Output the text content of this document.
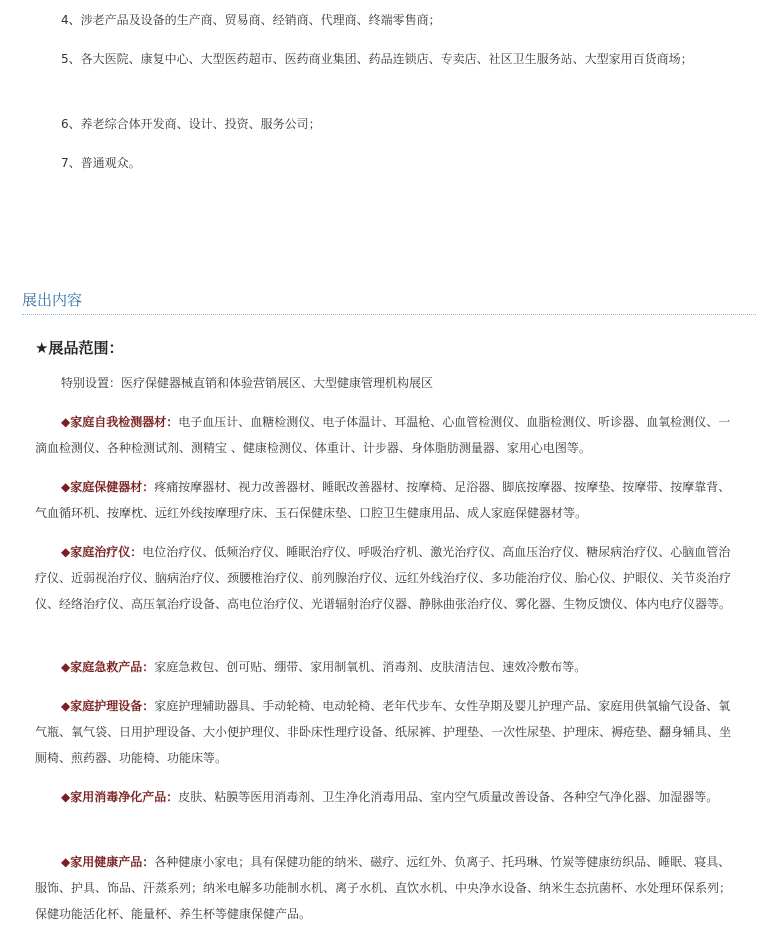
4、涉老产品及设备的生产商、贸易商、经销商、代理商、终端零售商；

5、各大医院、康复中心、大型医药超市、医药商业集团、药品连锁店、专卖店、社区卫生服务站、大型家用百货商场；

6、养老综合体开发商、设计、投资、服务公司；

7、普通观众。

展出内容
★展品范围：

特别设置：医疗保健器械直销和体验营销展区、大型健康管理机构展区

◆家庭自我检测器材：电子血压计、血糖检测仪、电子体温计、耳温枪、心血管检测仪、血脂检测仪、听诊器、血氧检测仪、一滴血检测仪、各种检测试剂、测精宝 、健康检测仪、体重计、计步器、身体脂肪测量器、家用心电图等。

◆家庭保健器材：疼痛按摩器材、视力改善器材、睡眠改善器材、按摩椅、足浴器、脚底按摩器、按摩垫、按摩带、按摩靠背、气血循环机、按摩枕、远红外线按摩理疗床、玉石保健床垫、口腔卫生健康用品、成人家庭保健器材等。

◆家庭治疗仪：电位治疗仪、低频治疗仪、睡眠治疗仪、呼吸治疗机、激光治疗仪、高血压治疗仪、糖尿病治疗仪、心脑血管治疗仪、近弱视治疗仪、脑病治疗仪、颈腰椎治疗仪、前列腺治疗仪、远红外线治疗仪、多功能治疗仪、胎心仪、护眼仪、关节炎治疗仪、经络治疗仪、高压氧治疗设备、高电位治疗仪、光谱辐射治疗仪器、静脉曲张治疗仪、雾化器、生物反馈仪、体内电疗仪器等。

◆家庭急救产品：家庭急救包、创可贴、绷带、家用制氧机、消毒剂、皮肤清洁包、速效冷敷布等。

◆家庭护理设备：家庭护理辅助器具、手动轮椅、电动轮椅、老年代步车、女性孕期及婴儿护理产品、家庭用供氧输气设备、氧气瓶、氧气袋、日用护理设备、大小便护理仪、非卧床性理疗设备、纸尿裤、护理垫、一次性尿垫、护理床、褥疮垫、翻身辅具、坐厕椅、煎药器、功能椅、功能床等。

◆家用消毒净化产品：皮肤、粘膜等医用消毒剂、卫生净化消毒用品、室内空气质量改善设备、各种空气净化器、加湿器等。

◆家用健康产品：各种健康小家电；具有保健功能的纳米、磁疗、远红外、负离子、托玛琳、竹炭等健康纺织品、睡眠、寝具、服饰、护具、饰品、汗蒸系列；纳米电解多功能制水机、离子水机、直饮水机、中央净水设备、纳米生态抗菌杯、水处理环保系列；保健功能活化杯、能量杯、养生杯等健康保健产品。
